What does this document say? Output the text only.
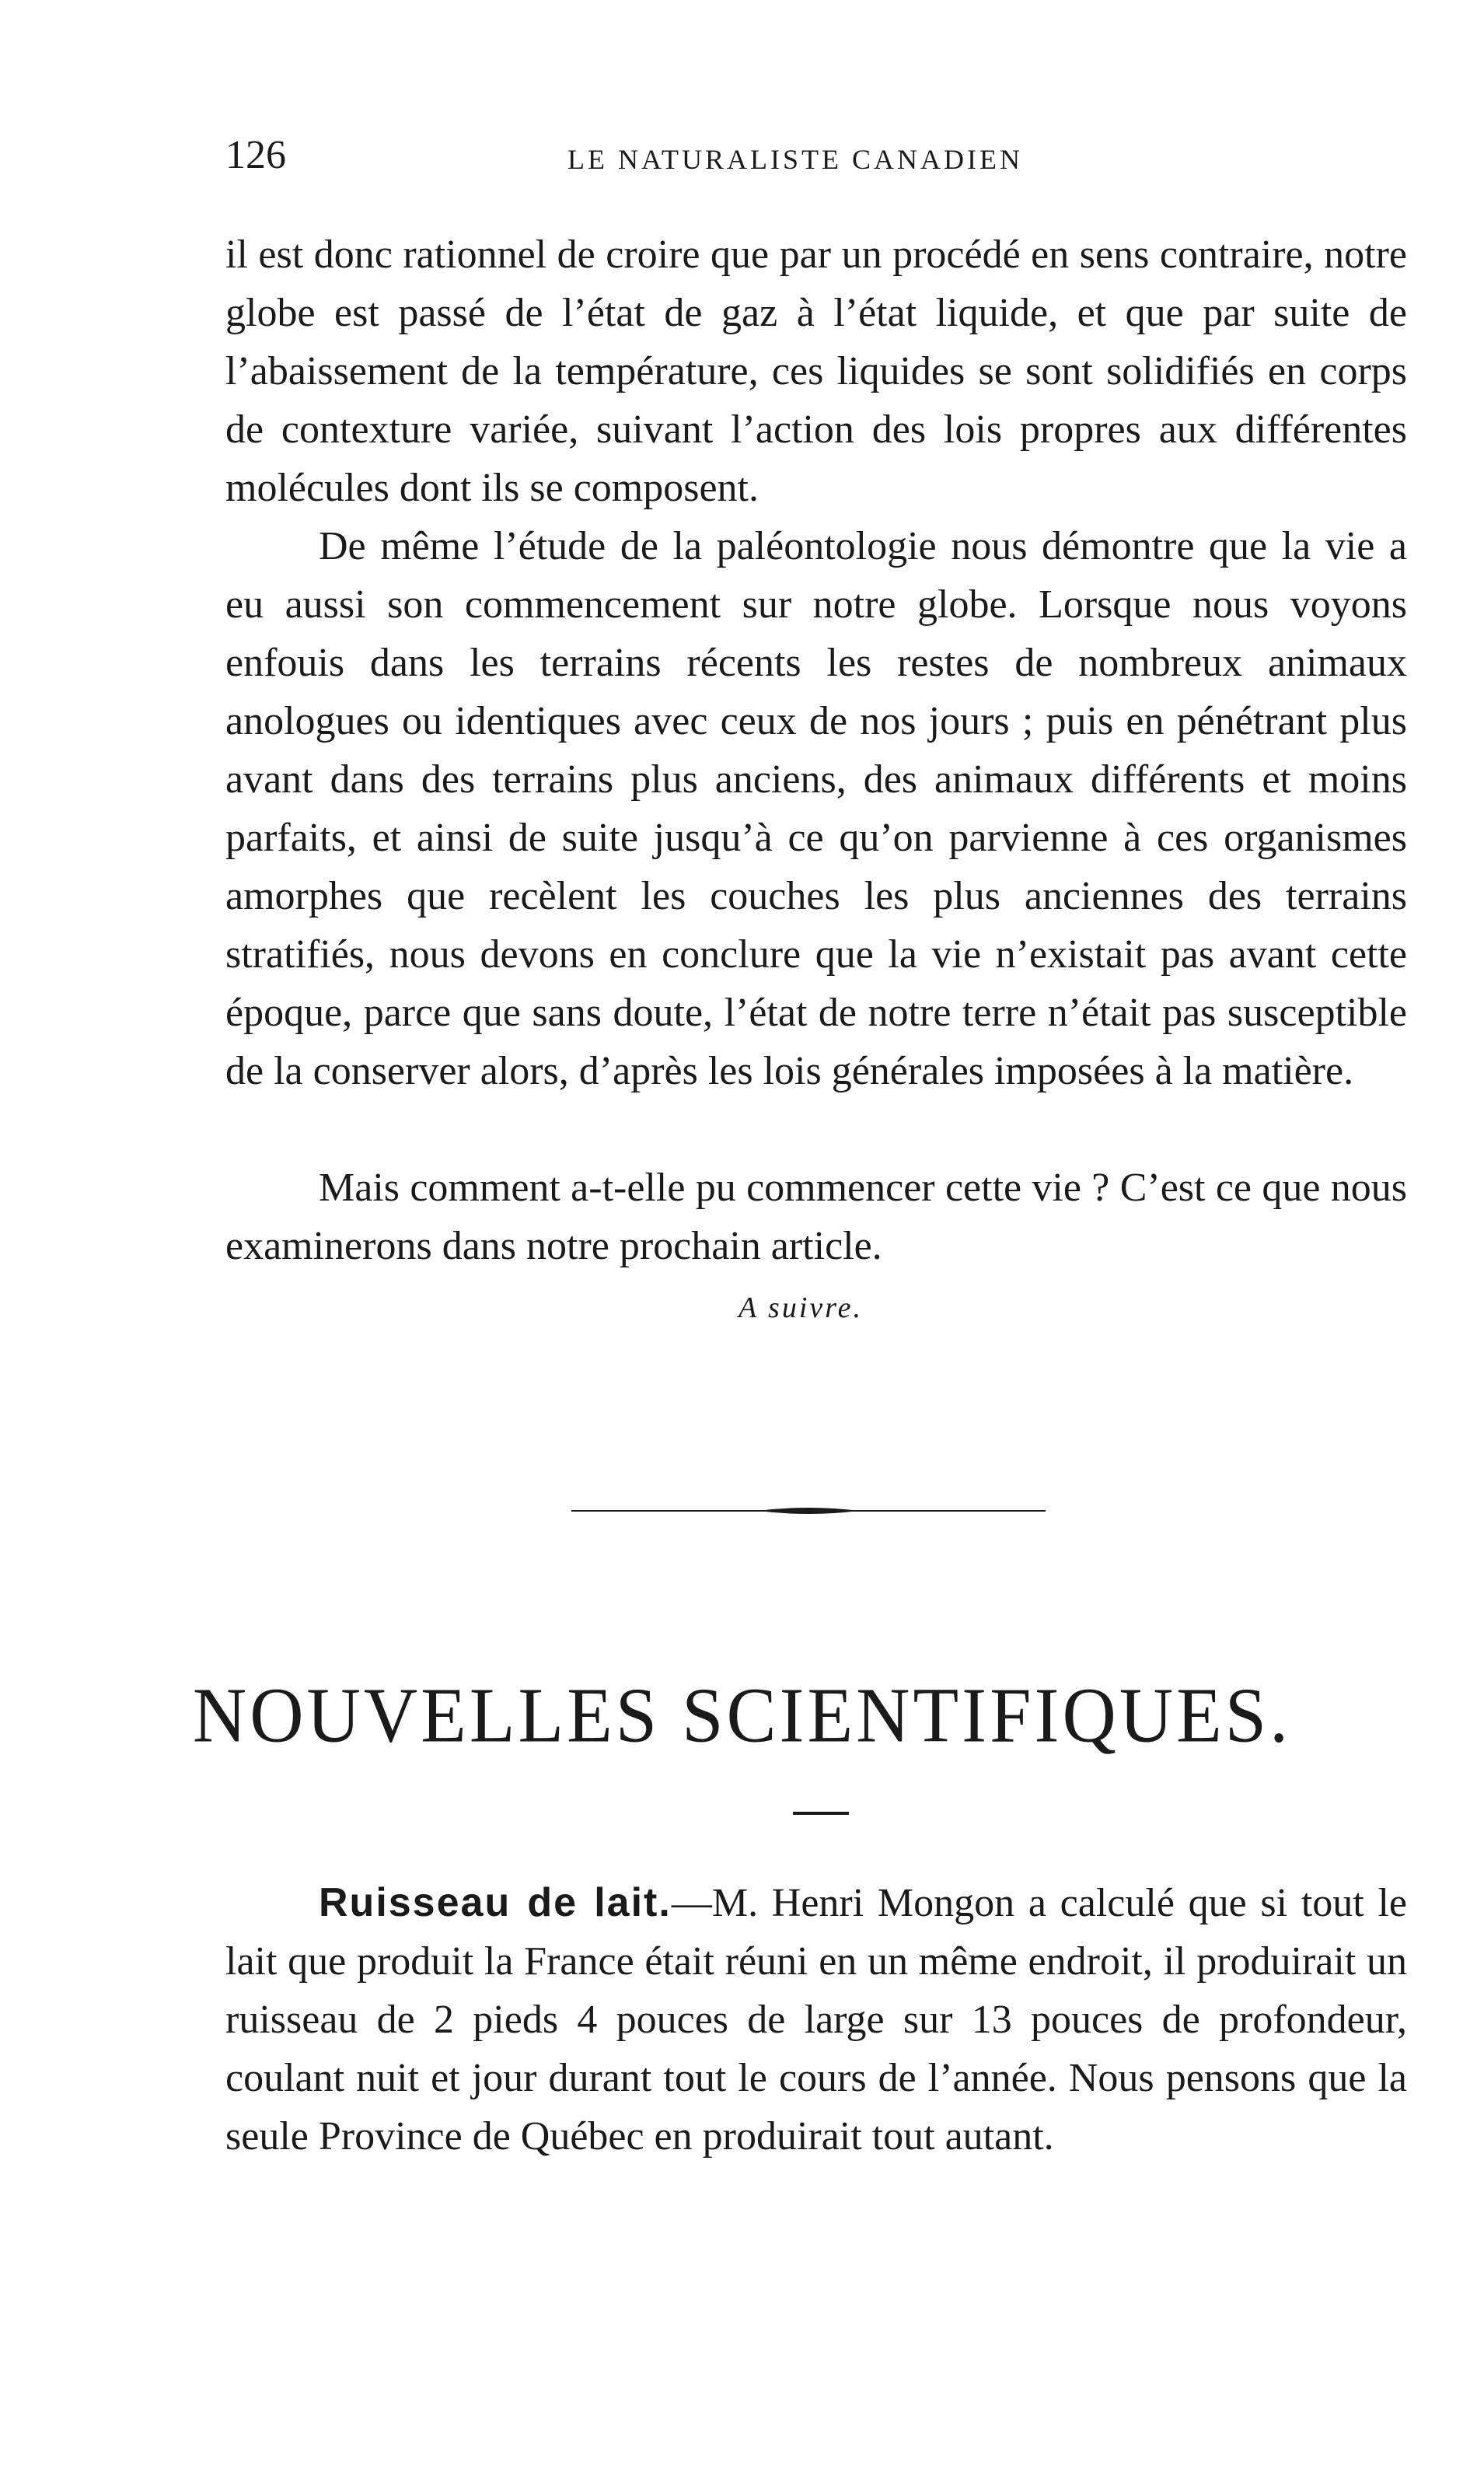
126	LE NATURALISTE CANADIEN

il est donc rationnel de croire que par un procédé en sens contraire, notre globe est passé de l’état de gaz à l’état liquide, et que par suite de l’abaissement de la température, ces liquides se sont solidifiés en corps de contexture variée, suivant l’action des lois propres aux différentes molécules dont ils se composent.

De même l’étude de la paléontologie nous démontre que la vie a eu aussi son commencement sur notre globe. Lorsque nous voyons enfouis dans les terrains récents les restes de nombreux animaux anologues ou identiques avec ceux de nos jours ; puis en pénétrant plus avant dans des terrains plus anciens, des animaux différents et moins parfaits, et ainsi de suite jusqu’à ce qu’on parvienne à ces organismes amorphes que recèlent les couches les plus anciennes des terrains stratifiés, nous devons en conclure que la vie n’existait pas avant cette époque, parce que sans doute, l’état de notre terre n’était pas susceptible de la conserver alors, d’après les lois générales imposées à la matière.

Mais comment a-t-elle pu commencer cette vie ? C’est ce que nous examinerons dans notre prochain article.

A suivre.
NOUVELLES SCIENTIFIQUES.

Ruisseau de lait.—M. Henri Mongon a calculé que si tout le lait que produit la France était réuni en un même endroit, il produirait un ruisseau de 2 pieds 4 pouces de large sur 13 pouces de profondeur, coulant nuit et jour durant tout le cours de l’année. Nous pensons que la seule Province de Québec en produirait tout autant.
